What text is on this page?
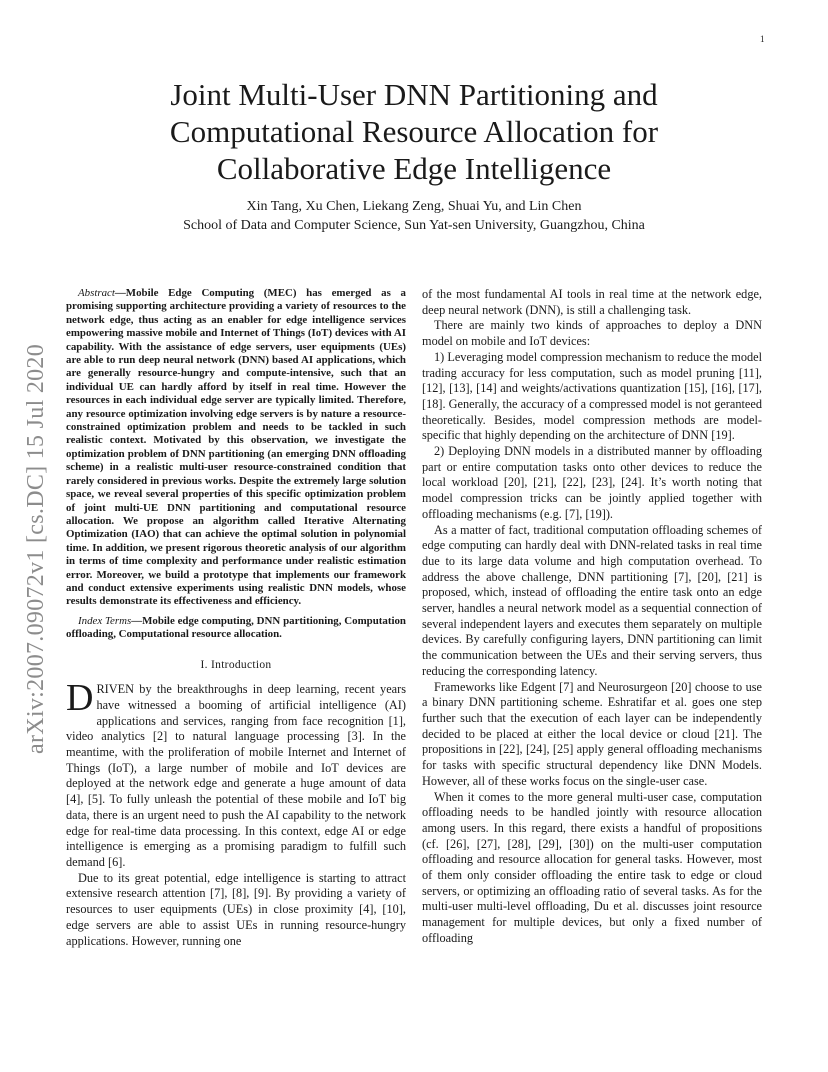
1
arXiv:2007.09072v1 [cs.DC] 15 Jul 2020
Joint Multi-User DNN Partitioning and
Computational Resource Allocation for
Collaborative Edge Intelligence
Xin Tang, Xu Chen, Liekang Zeng, Shuai Yu, and Lin Chen
School of Data and Computer Science, Sun Yat-sen University, Guangzhou, China

Abstract—Mobile Edge Computing (MEC) has emerged as a promising supporting architecture providing a variety of resources to the network edge, thus acting as an enabler for edge intelligence services empowering massive mobile and Internet of Things (IoT) devices with AI capability. With the assistance of edge servers, user equipments (UEs) are able to run deep neural network (DNN) based AI applications, which are generally resource-hungry and compute-intensive, such that an individual UE can hardly afford by itself in real time. However the resources in each individual edge server are typically limited. Therefore, any resource optimization involving edge servers is by nature a resource-constrained optimization problem and needs to be tackled in such realistic context. Motivated by this observation, we investigate the optimization problem of DNN partitioning (an emerging DNN offloading scheme) in a realistic multi-user resource-constrained condition that rarely considered in previous works. Despite the extremely large solution space, we reveal several properties of this specific optimization problem of joint multi-UE DNN partitioning and computational resource allocation. We propose an algorithm called Iterative Alternating Optimization (IAO) that can achieve the optimal solution in polynomial time. In addition, we present rigorous theoretic analysis of our algorithm in terms of time complexity and performance under realistic estimation error. Moreover, we build a prototype that implements our framework and conduct extensive experiments using realistic DNN models, whose results demonstrate its effectiveness and efficiency.

Index Terms—Mobile edge computing, DNN partitioning, Computation offloading, Computational resource allocation.

I. Introduction

DRIVEN by the breakthroughs in deep learning, recent years have witnessed a booming of artificial intelligence (AI) applications and services, ranging from face recognition [1], video analytics [2] to natural language processing [3]. In the meantime, with the proliferation of mobile Internet and Internet of Things (IoT), a large number of mobile and IoT devices are deployed at the network edge and generate a huge amount of data [4], [5]. To fully unleash the potential of these mobile and IoT big data, there is an urgent need to push the AI capability to the network edge for real-time data processing. In this context, edge AI or edge intelligence is emerging as a promising paradigm to fulfill such demand [6].

Due to its great potential, edge intelligence is starting to attract extensive research attention [7], [8], [9]. By providing a variety of resources to user equipments (UEs) in close proximity [4], [10], edge servers are able to assist UEs in running resource-hungry applications. However, running one

of the most fundamental AI tools in real time at the network edge, deep neural network (DNN), is still a challenging task.

There are mainly two kinds of approaches to deploy a DNN model on mobile and IoT devices:

1) Leveraging model compression mechanism to reduce the model trading accuracy for less computation, such as model pruning [11], [12], [13], [14] and weights/activations quantization [15], [16], [17], [18]. Generally, the accuracy of a compressed model is not geranteed theoretically. Besides, model compression methods are model-specific that highly depending on the architecture of DNN [19].

2) Deploying DNN models in a distributed manner by offloading part or entire computation tasks onto other devices to reduce the local workload [20], [21], [22], [23], [24]. It’s worth noting that model compression tricks can be jointly applied together with offloading mechanisms (e.g. [7], [19]).

As a matter of fact, traditional computation offloading schemes of edge computing can hardly deal with DNN-related tasks in real time due to its large data volume and high computation overhead. To address the above challenge, DNN partitioning [7], [20], [21] is proposed, which, instead of offloading the entire task onto an edge server, handles a neural network model as a sequential connection of several independent layers and executes them separately on multiple devices. By carefully configuring layers, DNN partitioning can limit the communication between the UEs and their serving servers, thus reducing the corresponding latency.

Frameworks like Edgent [7] and Neurosurgeon [20] choose to use a binary DNN partitioning scheme. Eshratifar et al. goes one step further such that the execution of each layer can be independently decided to be placed at either the local device or cloud [21]. The propositions in [22], [24], [25] apply general offloading mechanisms for tasks with specific structural dependency like DNN Models. However, all of these works focus on the single-user case.

When it comes to the more general multi-user case, computation offloading needs to be handled jointly with resource allocation among users. In this regard, there exists a handful of propositions (cf. [26], [27], [28], [29], [30]) on the multi-user computation offloading and resource allocation for general tasks. However, most of them only consider offloading the entire task to edge or cloud servers, or optimizing an offloading ratio of several tasks. As for the multi-user multi-level offloading, Du et al. discusses joint resource management for multiple devices, but only a fixed number of offloading
